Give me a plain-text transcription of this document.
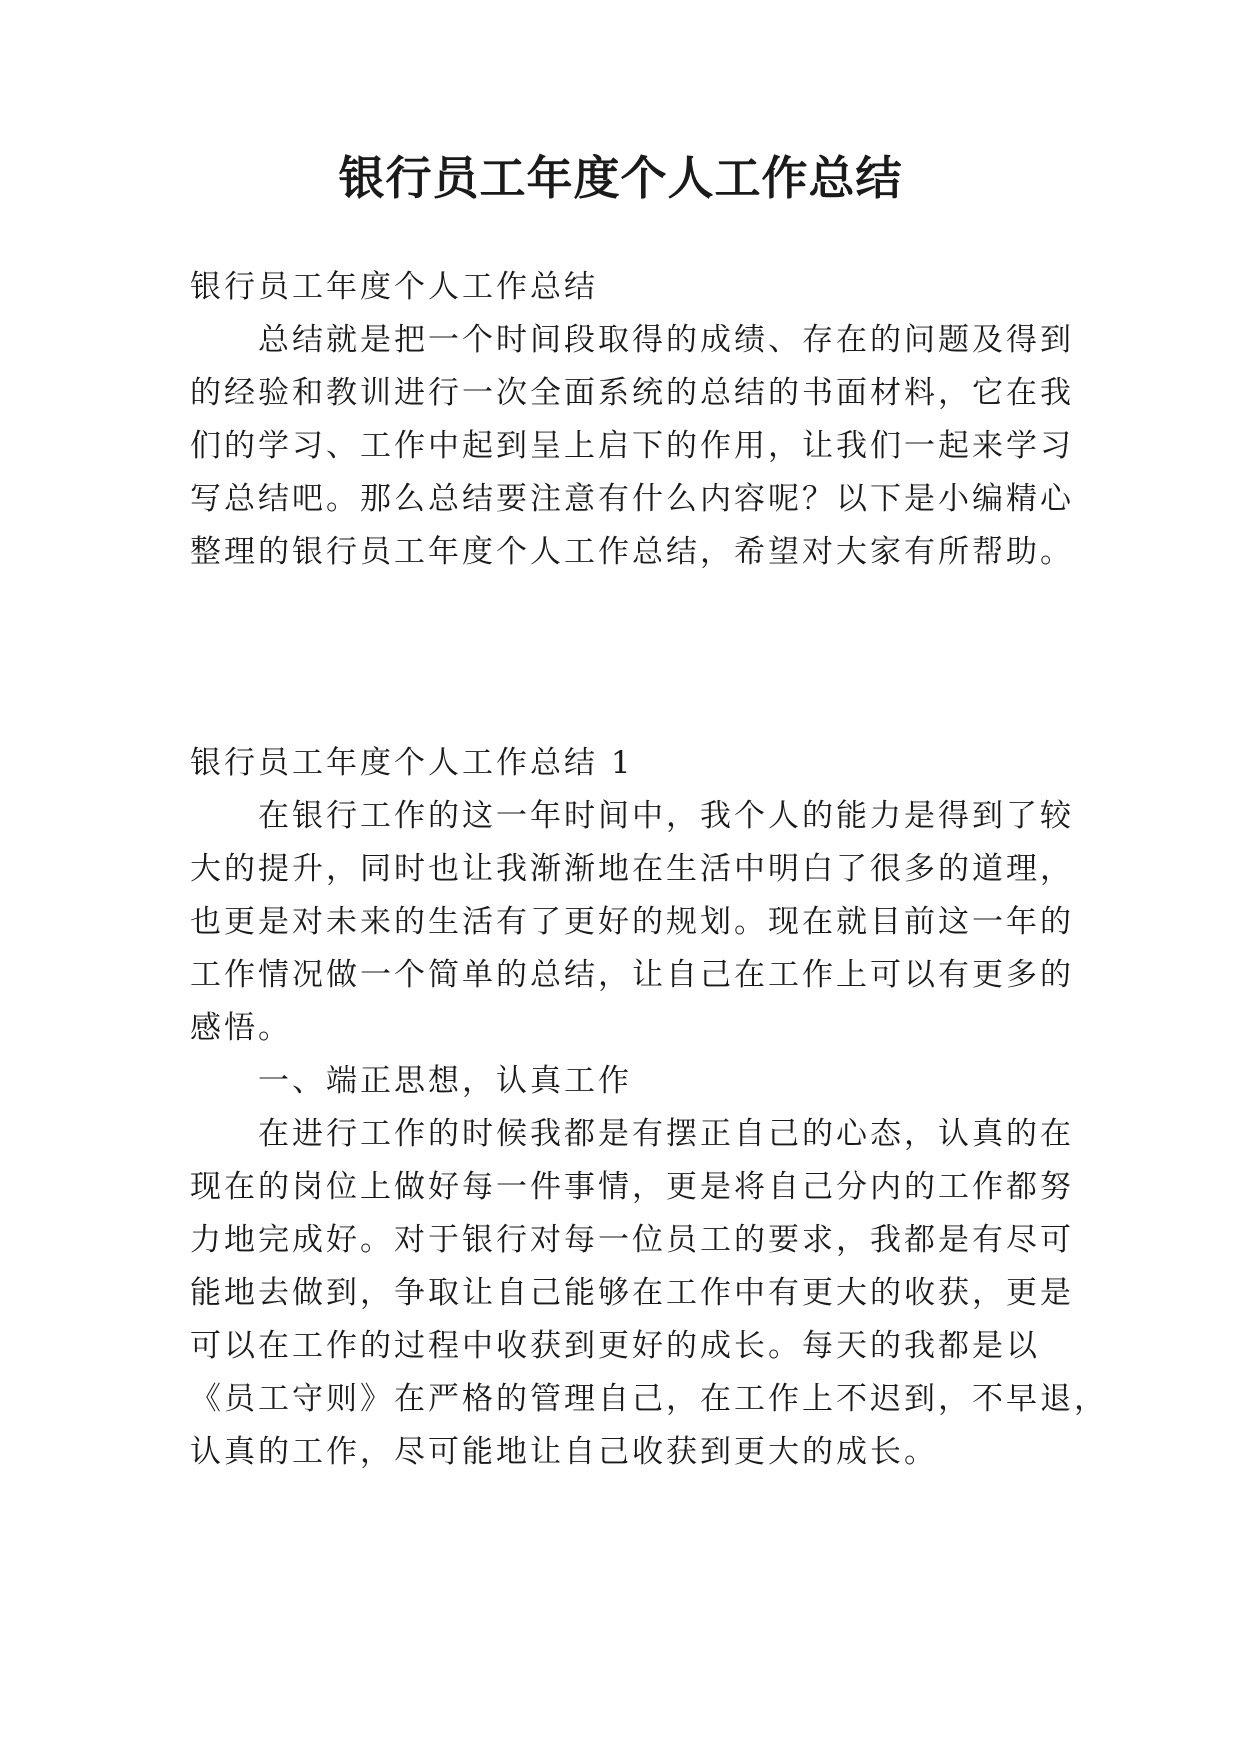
银行员工年度个人工作总结

银行员工年度个人工作总结

总结就是把一个时间段取得的成绩、存在的问题及得到

的经验和教训进行一次全面系统的总结的书面材料，它在我

们的学习、工作中起到呈上启下的作用，让我们一起来学习

写总结吧。那么总结要注意有什么内容呢？以下是小编精心

整理的银行员工年度个人工作总结，希望对大家有所帮助。

银行员工年度个人工作总结 1

在银行工作的这一年时间中，我个人的能力是得到了较

大的提升，同时也让我渐渐地在生活中明白了很多的道理，

也更是对未来的生活有了更好的规划。现在就目前这一年的

工作情况做一个简单的总结，让自己在工作上可以有更多的

感悟。

一、端正思想，认真工作

在进行工作的时候我都是有摆正自己的心态，认真的在

现在的岗位上做好每一件事情，更是将自己分内的工作都努

力地完成好。对于银行对每一位员工的要求，我都是有尽可

能地去做到，争取让自己能够在工作中有更大的收获，更是

可以在工作的过程中收获到更好的成长。每天的我都是以

《员工守则》在严格的管理自己，在工作上不迟到，不早退，

认真的工作，尽可能地让自己收获到更大的成长。
